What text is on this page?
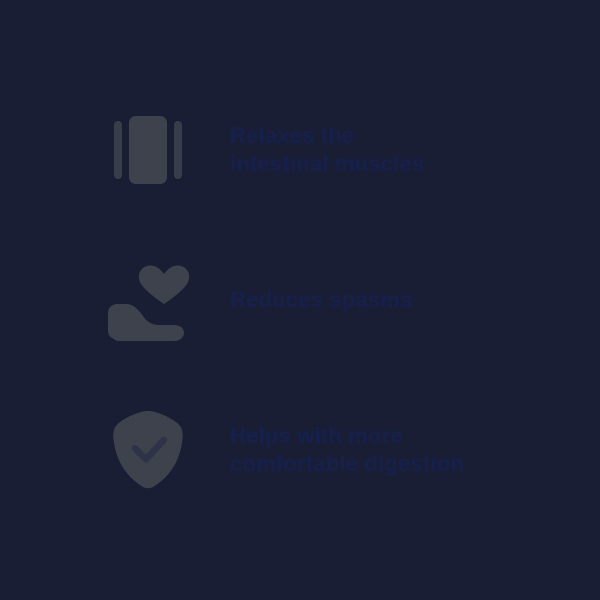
Relaxes the
intestinal muscles
Reduces spasms
Helps with more
comfortable digestion
